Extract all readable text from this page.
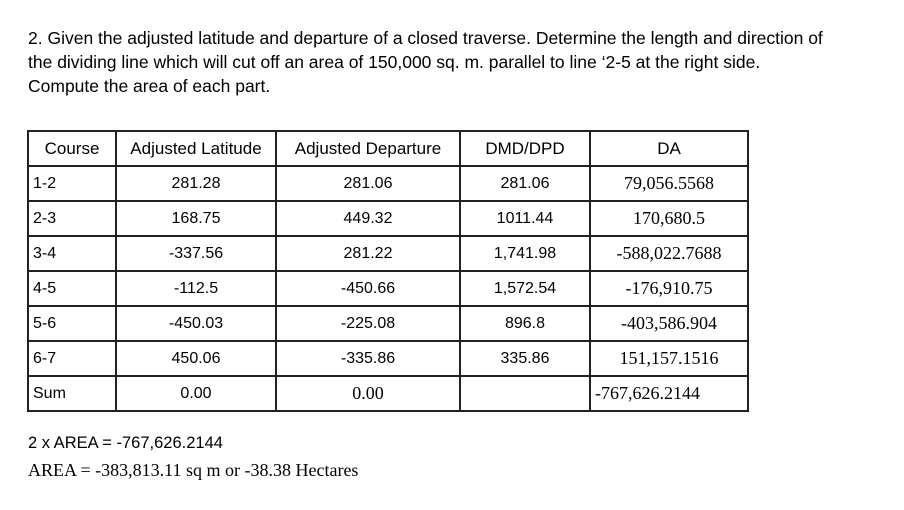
2. Given the adjusted latitude and departure of a closed traverse. Determine the length and direction of
the dividing line which will cut off an area of 150,000 sq. m. parallel to line ‘2-5 at the right side.
Compute the area of each part.
Course	Adjusted Latitude	Adjusted Departure	DMD/DPD	DA
1-2	281.28	281.06	281.06	79,056.5568
2-3	168.75	449.32	1011.44	170,680.5
3-4	-337.56	281.22	1,741.98	-588,022.7688
4-5	-112.5	-450.66	1,572.54	-176,910.75
5-6	-450.03	-225.08	896.8	-403,586.904
6-7	450.06	-335.86	335.86	151,157.1516
Sum	0.00	0.00		-767,626.2144

2 x AREA = -767,626.2144

AREA = -383,813.11 sq m or -38.38 Hectares
